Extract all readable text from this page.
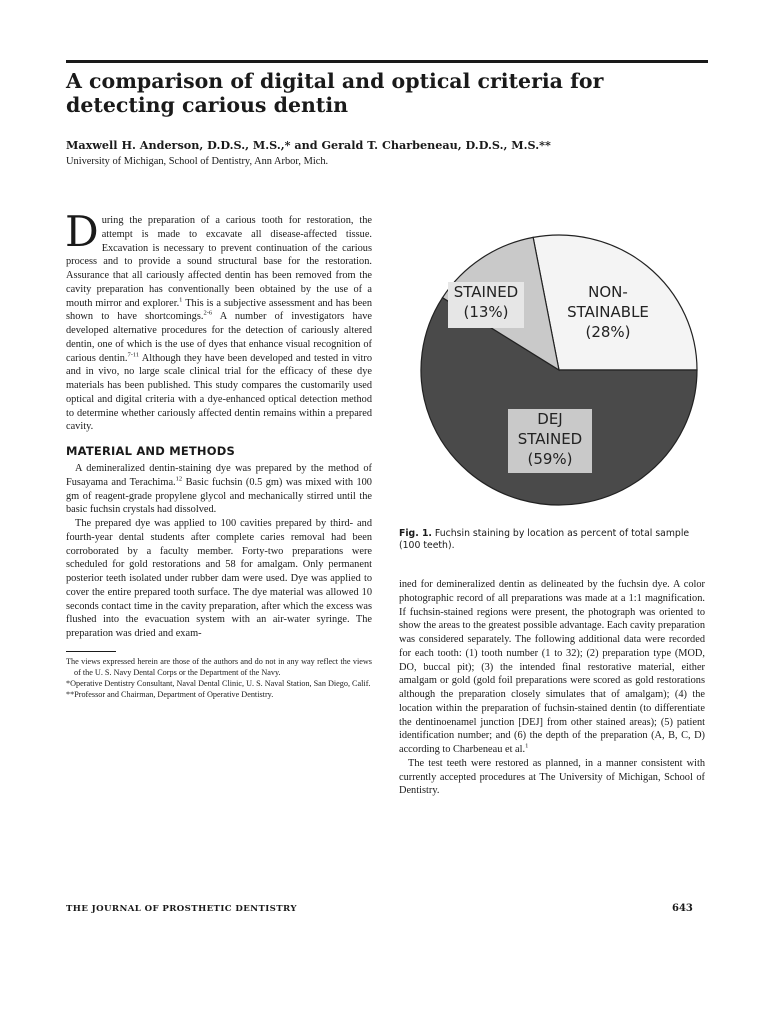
A comparison of digital and optical criteria for detecting carious dentin

Maxwell H. Anderson, D.D.S., M.S.,* and Gerald T. Charbeneau, D.D.S., M.S.**

University of Michigan, School of Dentistry, Ann Arbor, Mich.

During the preparation of a carious tooth for restoration, the attempt is made to excavate all disease-affected tissue. Excavation is necessary to prevent continuation of the carious process and to provide a sound structural base for the restoration. Assurance that all cariously affected dentin has been removed from the cavity preparation has conventionally been obtained by the use of a mouth mirror and explorer.$^1$ This is a subjective assessment and has been shown to have shortcomings.$^{2-6}$ A number of investigators have developed alternative procedures for the detection of cariously altered dentin, one of which is the use of dyes that enhance visual recognition of carious dentin.$^{7-11}$ Although they have been developed and tested in vitro and in vivo, no large scale clinical trial for the efficacy of these dye materials has been published. This study compares the customarily used optical and digital criteria with a dye-enhanced optical detection method to determine whether cariously affected dentin remains within a prepared cavity.

MATERIAL AND METHODS

A demineralized dentin-staining dye was prepared by the method of Fusayama and Terachima.$^{12}$ Basic fuchsin (0.5 gm) was mixed with 100 gm of reagent-grade propylene glycol and mechanically stirred until the basic fuchsin crystals had dissolved.

The prepared dye was applied to 100 cavities prepared by third- and fourth-year dental students after complete caries removal had been corroborated by a faculty member. Forty-two preparations were scheduled for gold restorations and 58 for amalgam. Only permanent posterior teeth isolated under rubber dam were used. Dye was applied to cover the entire prepared tooth surface. The dye material was allowed 10 seconds contact time in the cavity preparation, after which the excess was flushed into the evacuation system with an air-water syringe. The preparation was dried and exam-

The views expressed herein are those of the authors and do not in any way reflect the views of the U. S. Navy Dental Corps or the Department of the Navy.

*Operative Dentistry Consultant, Naval Dental Clinic, U. S. Naval Station, San Diego, Calif.

**Professor and Chairman, Department of Operative Dentistry.

NON-
STAINABLE
(28%)
DEJ
STAINED
(59%)
STAINED
(13%)

Fig. 1. Fuchsin staining by location as percent of total sample (100 teeth).

ined for demineralized dentin as delineated by the fuchsin dye. A color photographic record of all preparations was made at a 1:1 magnification. If fuchsin-stained regions were present, the photograph was oriented to show the areas to the greatest possible advantage. Each cavity preparation was considered separately. The following additional data were recorded for each tooth: (1) tooth number (1 to 32); (2) preparation type (MOD, DO, buccal pit); (3) the intended final restorative material, either amalgam or gold (gold foil preparations were scored as gold restorations although the preparation closely simulates that of amalgam); (4) the location within the preparation of fuchsin-stained dentin (to differentiate the dentinoenamel junction [DEJ] from other stained areas); (5) patient identification number; and (6) the depth of the preparation (A, B, C, D) according to Charbeneau et al.$^1$

The test teeth were restored as planned, in a manner consistent with currently accepted procedures at The University of Michigan, School of Dentistry.

THE JOURNAL OF PROSTHETIC DENTISTRY	643
